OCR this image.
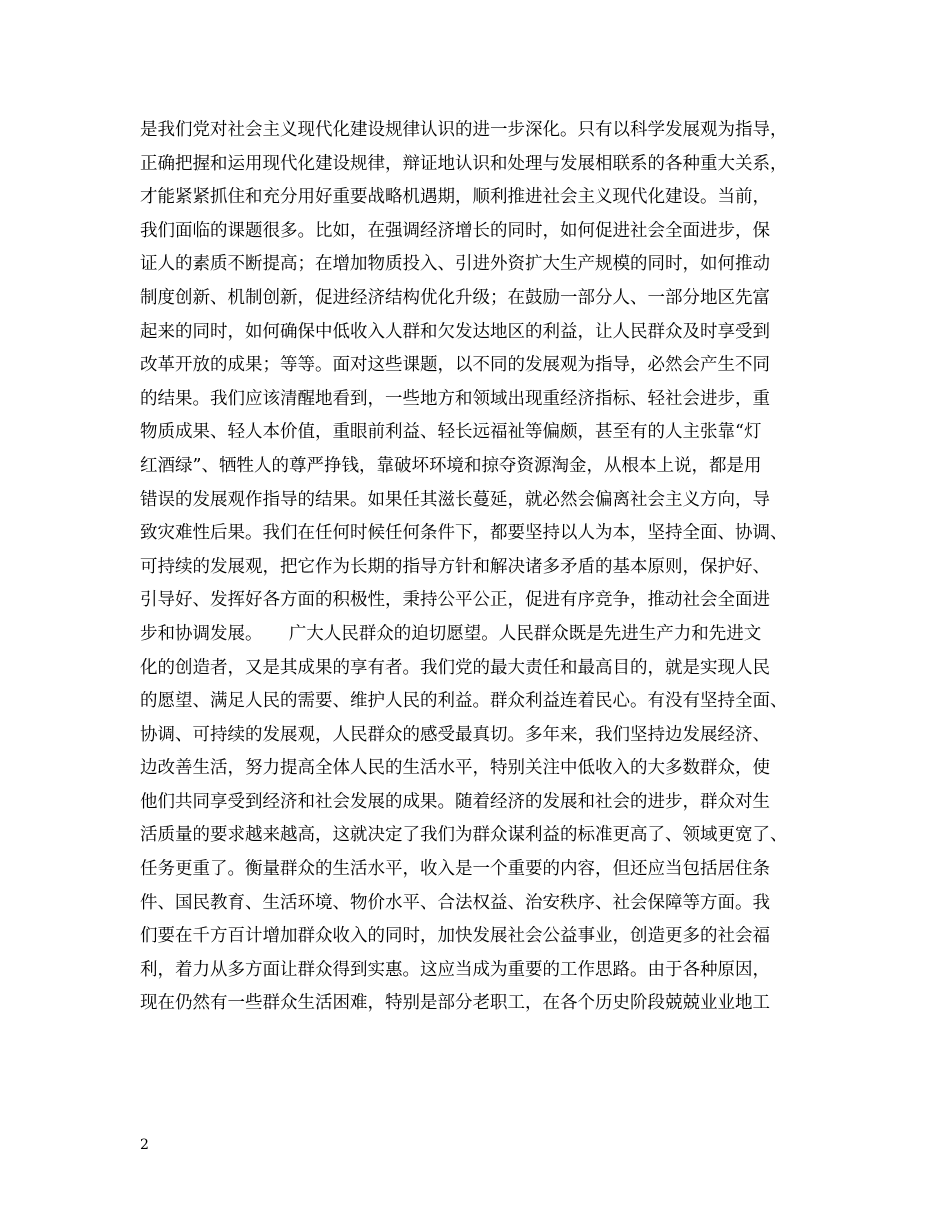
是我们党对社会主义现代化建设规律认识的进一步深化。只有以科学发展观为指导，
正确把握和运用现代化建设规律，辩证地认识和处理与发展相联系的各种重大关系，
才能紧紧抓住和充分用好重要战略机遇期，顺利推进社会主义现代化建设。当前，
我们面临的课题很多。比如，在强调经济增长的同时，如何促进社会全面进步，保
证人的素质不断提高；在增加物质投入、引进外资扩大生产规模的同时，如何推动
制度创新、机制创新，促进经济结构优化升级；在鼓励一部分人、一部分地区先富
起来的同时，如何确保中低收入人群和欠发达地区的利益，让人民群众及时享受到
改革开放的成果；等等。面对这些课题，以不同的发展观为指导，必然会产生不同
的结果。我们应该清醒地看到，一些地方和领域出现重经济指标、轻社会进步，重
物质成果、轻人本价值，重眼前利益、轻长远福祉等偏颇，甚至有的人主张靠“灯
红酒绿”、牺牲人的尊严挣钱，靠破坏环境和掠夺资源淘金，从根本上说，都是用
错误的发展观作指导的结果。如果任其滋长蔓延，就必然会偏离社会主义方向，导
致灾难性后果。我们在任何时候任何条件下，都要坚持以人为本，坚持全面、协调、
可持续的发展观，把它作为长期的指导方针和解决诸多矛盾的基本原则，保护好、
引导好、发挥好各方面的积极性，秉持公平公正，促进有序竞争，推动社会全面进
步和协调发展。　　广大人民群众的迫切愿望。人民群众既是先进生产力和先进文
化的创造者，又是其成果的享有者。我们党的最大责任和最高目的，就是实现人民
的愿望、满足人民的需要、维护人民的利益。群众利益连着民心。有没有坚持全面、
协调、可持续的发展观，人民群众的感受最真切。多年来，我们坚持边发展经济、
边改善生活，努力提高全体人民的生活水平，特别关注中低收入的大多数群众，使
他们共同享受到经济和社会发展的成果。随着经济的发展和社会的进步，群众对生
活质量的要求越来越高，这就决定了我们为群众谋利益的标准更高了、领域更宽了、
任务更重了。衡量群众的生活水平，收入是一个重要的内容，但还应当包括居住条
件、国民教育、生活环境、物价水平、合法权益、治安秩序、社会保障等方面。我
们要在千方百计增加群众收入的同时，加快发展社会公益事业，创造更多的社会福
利，着力从多方面让群众得到实惠。这应当成为重要的工作思路。由于各种原因，
现在仍然有一些群众生活困难，特别是部分老职工，在各个历史阶段兢兢业业地工
2
